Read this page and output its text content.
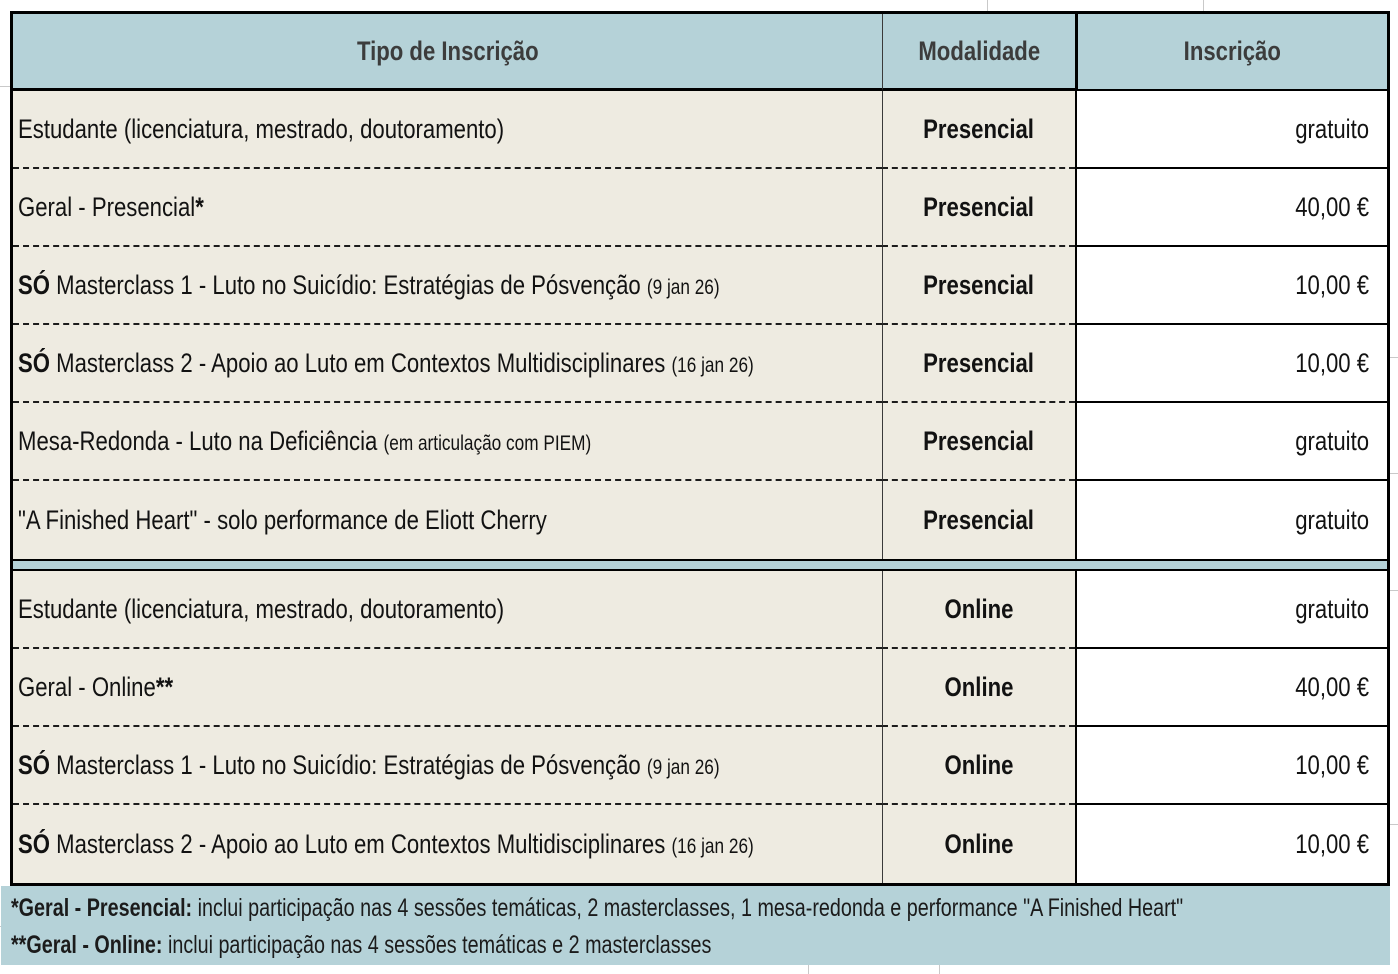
Tipo de Inscrição	Modalidade	Inscrição
Estudante (licenciatura, mestrado, doutoramento)	Presencial	gratuito
Geral - Presencial*	Presencial	40,00 €
SÓ Masterclass 1 - Luto no Suicídio: Estratégias de Pósvenção (9 jan 26)	Presencial	10,00 €
SÓ Masterclass 2 - Apoio ao Luto em Contextos Multidisciplinares (16 jan 26)	Presencial	10,00 €
Mesa-Redonda - Luto na Deficiência (em articulação com PIEM)	Presencial	gratuito
"A Finished Heart" - solo performance de Eliott Cherry	Presencial	gratuito
Estudante (licenciatura, mestrado, doutoramento)	Online	gratuito
Geral - Online**	Online	40,00 €
SÓ Masterclass 1 - Luto no Suicídio: Estratégias de Pósvenção (9 jan 26)	Online	10,00 €
SÓ Masterclass 2 - Apoio ao Luto em Contextos Multidisciplinares (16 jan 26)	Online	10,00 €
*Geral - Presencial: inclui participação nas 4 sessões temáticas, 2 masterclasses, 1 mesa-redonda e performance "A Finished Heart"
**Geral - Online: inclui participação nas 4 sessões temáticas e 2 masterclasses
